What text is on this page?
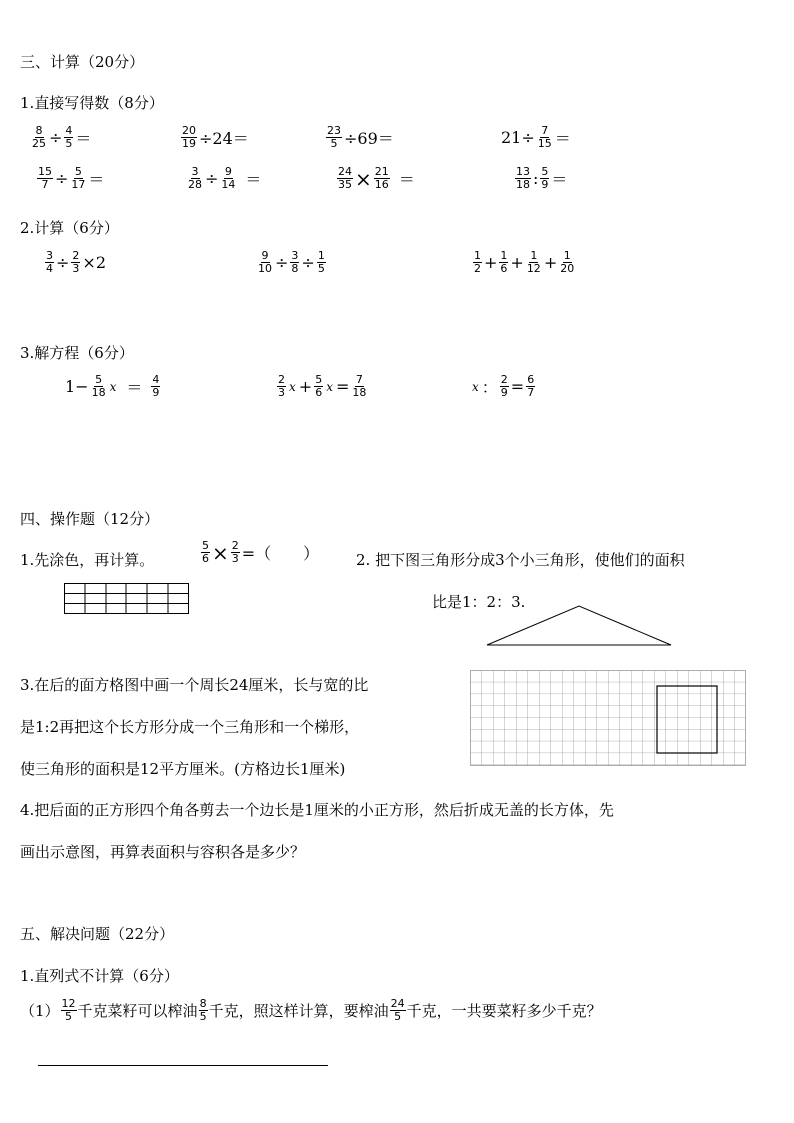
三、计算（20分）
1.直接写得数（8分）
$\frac{8}{25} \div \frac{4}{5}$ ＝	$\frac{20}{19} \div 24=$	$\frac{23}{5} \div 69=$	$21\div \frac{7}{15}$ ＝
$\frac{15}{7} \div \frac{5}{17}$ ＝	$\frac{3}{28} \div \frac{9}{14}$ ＝	$\frac{24}{35} \times \frac{21}{16}$ ＝	$\frac{13}{18}$ : $\frac{5}{9}$ ＝
2.计算（6分）
$\frac{3}{4} \div \frac{2}{3} \times 2$	$\frac{9}{10} \div \frac{3}{8} \div \frac{1}{5}$	$\frac{1}{2} + \frac{1}{6} + \frac{1}{12} + \frac{1}{20}$
3.解方程（6分）
$1- \frac{5}{18}$ $x = \frac{4}{9}$	$\frac{2}{3}$ $x + \frac{5}{6}$ $x = \frac{7}{18}$	x ： $\frac{2}{9} = \frac{6}{7}$
四、操作题（12分）
1.先涂色，再计算。	$\frac{5}{6} \times \frac{2}{3}$ =（　　） 2. 把下图三角形分成3个小三角形，使他们的面积
比是1：2：3.
3.在后的面方格图中画一个周长24厘米，长与宽的比
是1:2再把这个长方形分成一个三角形和一个梯形，
使三角形的面积是12平方厘米。(方格边长1厘米)
4.把后面的正方形四个角各剪去一个边长是1厘米的小正方形，然后折成无盖的长方体，先
画出示意图，再算表面积与容积各是多少？
五、解决问题（22分）
1.直列式不计算（6分）
$(1) \frac{12}{5}$ 千克菜籽可以榨油 $\frac{8}{5}$ 千克，照这样计算，要榨油 $\frac{24}{5}$ 千克，一共要菜籽多少千克？
